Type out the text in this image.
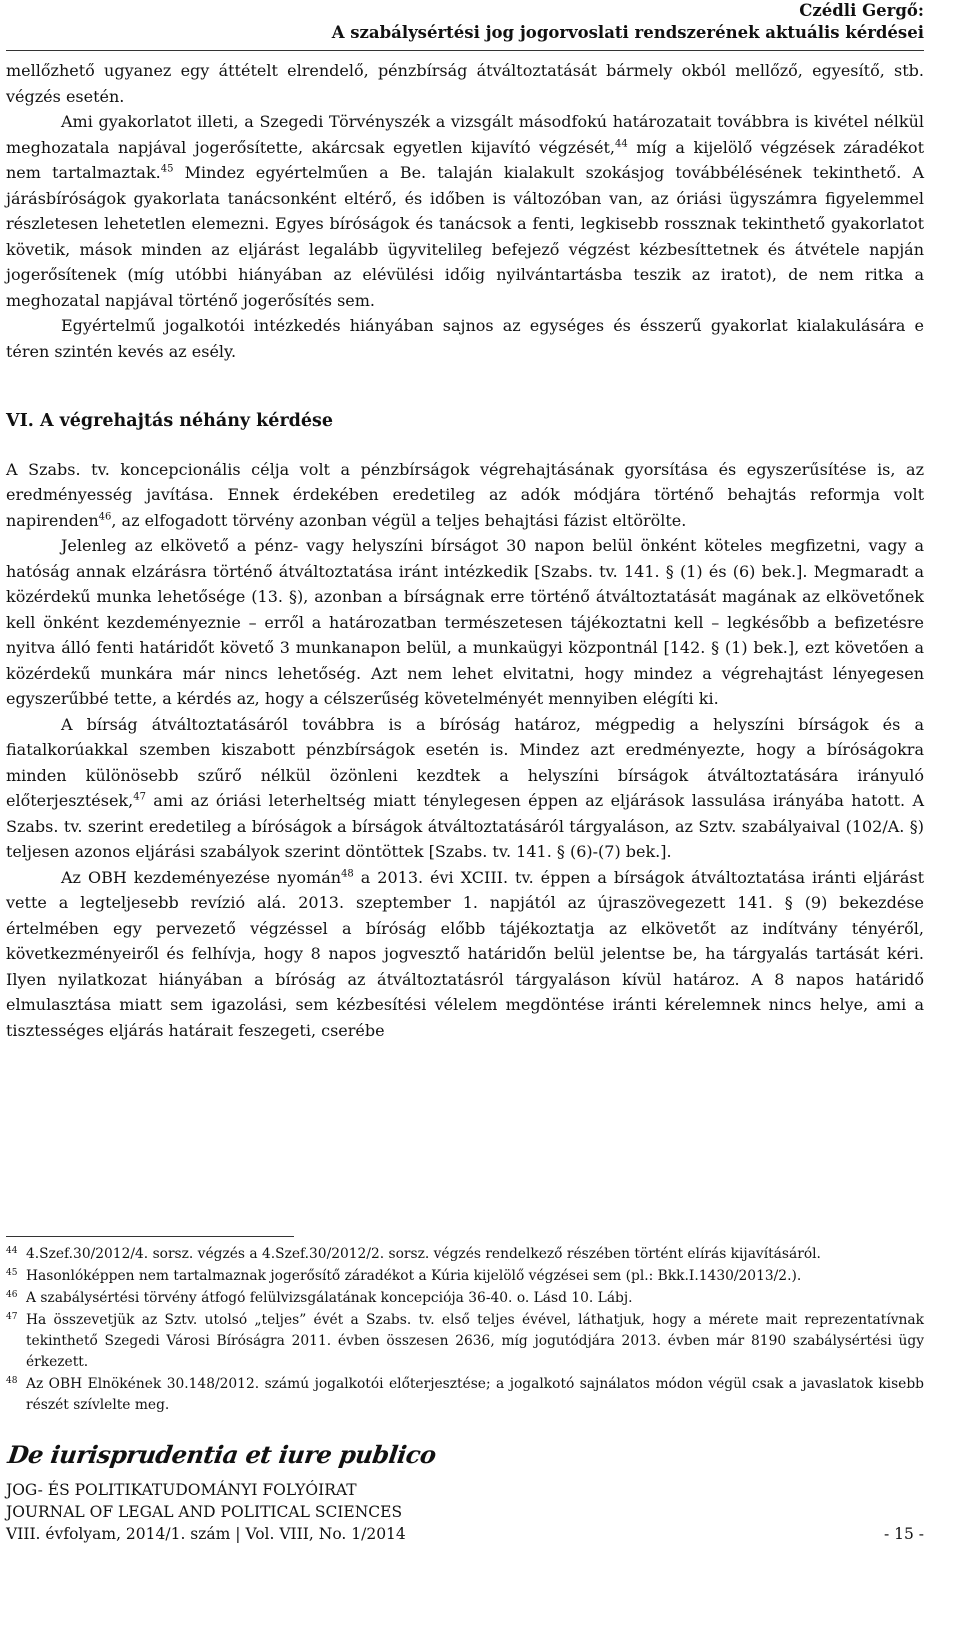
Czédli Gergő:
A szabálysértési jog jogorvoslati rendszerének aktuális kérdései

mellőzhető ugyanez egy áttételt elrendelő, pénzbírság átváltoztatását bármely okból mellőző, egyesítő, stb. végzés esetén.

Ami gyakorlatot illeti, a Szegedi Törvényszék a vizsgált másodfokú határozatait továbbra is kivétel nélkül meghozatala napjával jogerősítette, akárcsak egyetlen kijavító végzését,$^{44}$ míg a kijelölő végzések záradékot nem tartalmaztak.$^{45}$ Mindez egyértelműen a Be. talaján kialakult szokásjog továbbélésének tekinthető. A járásbíróságok gyakorlata tanácsonként eltérő, és időben is változóban van, az óriási ügyszámra figyelemmel részletesen lehetetlen elemezni. Egyes bíróságok és tanácsok a fenti, legkisebb rossznak tekinthető gyakorlatot követik, mások minden az eljárást legalább ügyvitelileg befejező végzést kézbesíttetnek és átvétele napján jogerősítenek (míg utóbbi hiányában az elévülési időig nyilvántartásba teszik az iratot), de nem ritka a meghozatal napjával történő jogerősítés sem.

Egyértelmű jogalkotói intézkedés hiányában sajnos az egységes és ésszerű gyakorlat kialakulására e téren szintén kevés az esély.

VI. A végrehajtás néhány kérdése

A Szabs. tv. koncepcionális célja volt a pénzbírságok végrehajtásának gyorsítása és egyszerűsítése is, az eredményesség javítása. Ennek érdekében eredetileg az adók módjára történő behajtás reformja volt napirenden$^{46}$, az elfogadott törvény azonban végül a teljes behajtási fázist eltörölte.

Jelenleg az elkövető a pénz- vagy helyszíni bírságot 30 napon belül önként köteles megfizetni, vagy a hatóság annak elzárásra történő átváltoztatása iránt intézkedik [Szabs. tv. 141. § (1) és (6) bek.]. Megmaradt a közérdekű munka lehetősége (13. §), azonban a bírságnak erre történő átváltoztatását magának az elkövetőnek kell önként kezdeményeznie – erről a határozatban természetesen tájékoztatni kell – legkésőbb a befizetésre nyitva álló fenti határidőt követő 3 munkanapon belül, a munkaügyi központnál [142. § (1) bek.], ezt követően a közérdekű munkára már nincs lehetőség. Azt nem lehet elvitatni, hogy mindez a végrehajtást lényegesen egyszerűbbé tette, a kérdés az, hogy a célszerűség követelményét mennyiben elégíti ki.

A bírság átváltoztatásáról továbbra is a bíróság határoz, mégpedig a helyszíni bírságok és a fiatalkorúakkal szemben kiszabott pénzbírságok esetén is. Mindez azt eredményezte, hogy a bíróságokra minden különösebb szűrő nélkül özönleni kezdtek a helyszíni bírságok átváltoztatására irányuló előterjesztések,$^{47}$ ami az óriási leterheltség miatt ténylegesen éppen az eljárások lassulása irányába hatott. A Szabs. tv. szerint eredetileg a bíróságok a bírságok átváltoztatásáról tárgyaláson, az Sztv. szabályaival (102/A. §) teljesen azonos eljárási szabályok szerint döntöttek [Szabs. tv. 141. § (6)-(7) bek.].

Az OBH kezdeményezése nyomán$^{48}$ a 2013. évi XCIII. tv. éppen a bírságok átváltoztatása iránti eljárást vette a legteljesebb revízió alá. 2013. szeptember 1. napjától az újraszövegezett 141. § (9) bekezdése értelmében egy pervezető végzéssel a bíróság előbb tájékoztatja az elkövetőt az indítvány tényéről, következményeiről és felhívja, hogy 8 napos jogvesztő határidőn belül jelentse be, ha tárgyalás tartását kéri. Ilyen nyilatkozat hiányában a bíróság az átváltoztatásról tárgyaláson kívül határoz. A 8 napos határidő elmulasztása miatt sem igazolási, sem kézbesítési vélelem megdöntése iránti kérelemnek nincs helye, ami a tisztességes eljárás határait feszegeti, cserébe

44 4.Szef.30/2012/4. sorsz. végzés a 4.Szef.30/2012/2. sorsz. végzés rendelkező részében történt elírás kijavításáról.
45 Hasonlóképpen nem tartalmaznak jogerősítő záradékot a Kúria kijelölő végzései sem (pl.: Bkk.I.1430/2013/2.).
46 A szabálysértési törvény átfogó felülvizsgálatának koncepciója 36-40. o. Lásd 10. Lábj.
47 Ha összevetjük az Sztv. utolsó „teljes” évét a Szabs. tv. első teljes évével, láthatjuk, hogy a mérete mait reprezentatívnak tekinthető Szegedi Városi Bíróságra 2011. évben összesen 2636, míg jogutódjára 2013. évben már 8190 szabálysértési ügy érkezett.
48 Az OBH Elnökének 30.148/2012. számú jogalkotói előterjesztése; a jogalkotó sajnálatos módon végül csak a javaslatok kisebb részét szívlelte meg.
De iurisprudentia et iure publico
JOG- ÉS POLITIKATUDOMÁNYI FOLYÓIRAT
JOURNAL OF LEGAL AND POLITICAL SCIENCES
VIII. évfolyam, 2014/1. szám | Vol. VIII, No. 1/2014	- 15 -
